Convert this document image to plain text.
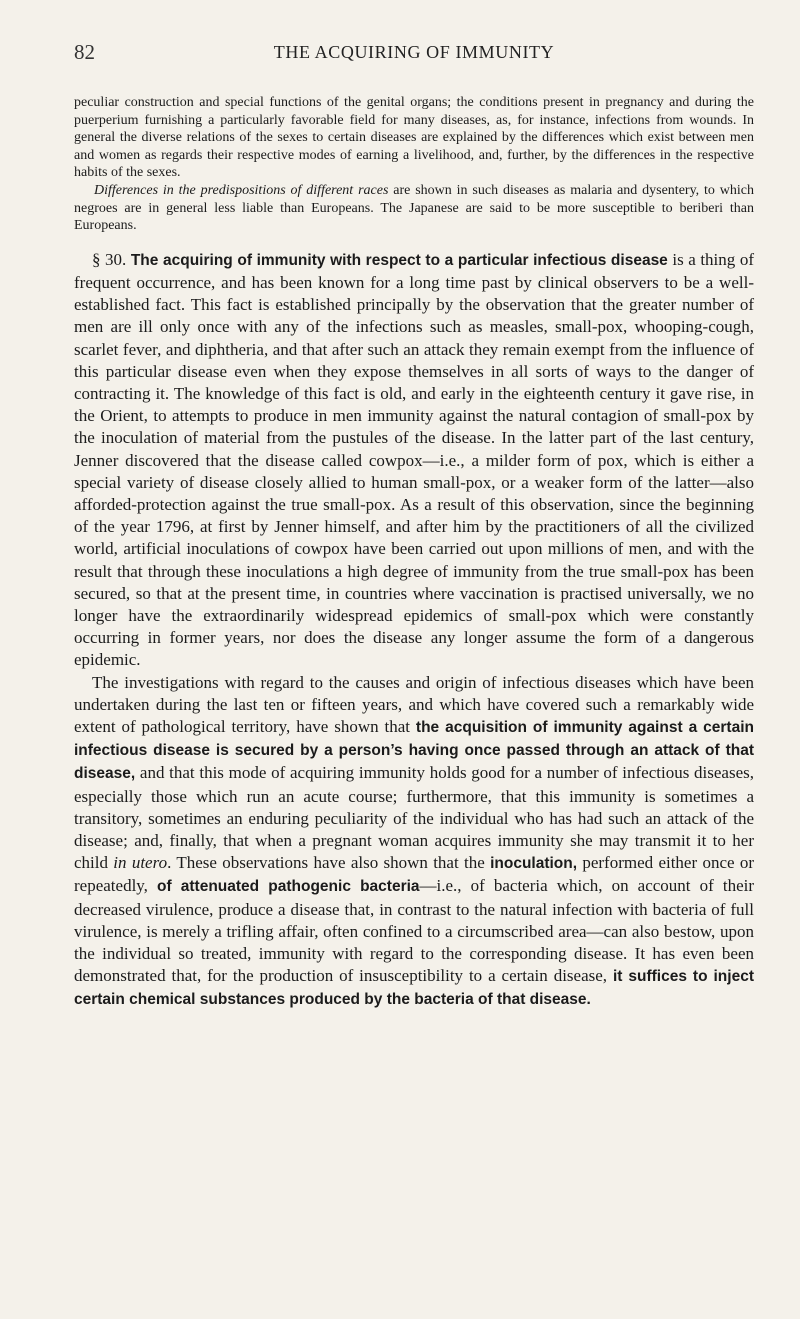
82	THE ACQUIRING OF IMMUNITY

peculiar construction and special functions of the genital organs; the conditions present in pregnancy and during the puerperium furnishing a particularly favorable field for many diseases, as, for instance, infections from wounds. In general the diverse relations of the sexes to certain diseases are explained by the differences which exist between men and women as regards their respective modes of earning a livelihood, and, further, by the differences in the respective habits of the sexes.

Differences in the predispositions of different races are shown in such diseases as malaria and dysentery, to which negroes are in general less liable than Europeans. The Japanese are said to be more susceptible to beriberi than Europeans.

§ 30. The acquiring of immunity with respect to a particular infectious disease is a thing of frequent occurrence, and has been known for a long time past by clinical observers to be a well-established fact. This fact is established principally by the observation that the greater number of men are ill only once with any of the infections such as measles, small-pox, whooping-cough, scarlet fever, and diphtheria, and that after such an attack they remain exempt from the influence of this particular disease even when they expose themselves in all sorts of ways to the danger of contracting it. The knowledge of this fact is old, and early in the eighteenth century it gave rise, in the Orient, to attempts to produce in men immunity against the natural contagion of small-pox by the inoculation of material from the pustules of the disease. In the latter part of the last century, Jenner discovered that the disease called cowpox—i.e., a milder form of pox, which is either a special variety of disease closely allied to human small-pox, or a weaker form of the latter—also afforded-protection against the true small-pox. As a result of this observation, since the beginning of the year 1796, at first by Jenner himself, and after him by the practitioners of all the civilized world, artificial inoculations of cowpox have been carried out upon millions of men, and with the result that through these inoculations a high degree of immunity from the true small-pox has been secured, so that at the present time, in countries where vaccination is practised universally, we no longer have the extraordinarily widespread epidemics of small-pox which were constantly occurring in former years, nor does the disease any longer assume the form of a dangerous epidemic.

The investigations with regard to the causes and origin of infectious diseases which have been undertaken during the last ten or fifteen years, and which have covered such a remarkably wide extent of pathological territory, have shown that the acquisition of immunity against a certain infectious disease is secured by a person’s having once passed through an attack of that disease, and that this mode of acquiring immunity holds good for a number of infectious diseases, especially those which run an acute course; furthermore, that this immunity is sometimes a transitory, sometimes an enduring peculiarity of the individual who has had such an attack of the disease; and, finally, that when a pregnant woman acquires immunity she may transmit it to her child in utero. These observations have also shown that the inoculation, performed either once or repeatedly, of attenuated pathogenic bacteria—i.e., of bacteria which, on account of their decreased virulence, produce a disease that, in contrast to the natural infection with bacteria of full virulence, is merely a trifling affair, often confined to a circumscribed area—can also bestow, upon the individual so treated, immunity with regard to the corresponding disease. It has even been demonstrated that, for the production of insusceptibility to a certain disease, it suffices to inject certain chemical substances produced by the bacteria of that disease.
